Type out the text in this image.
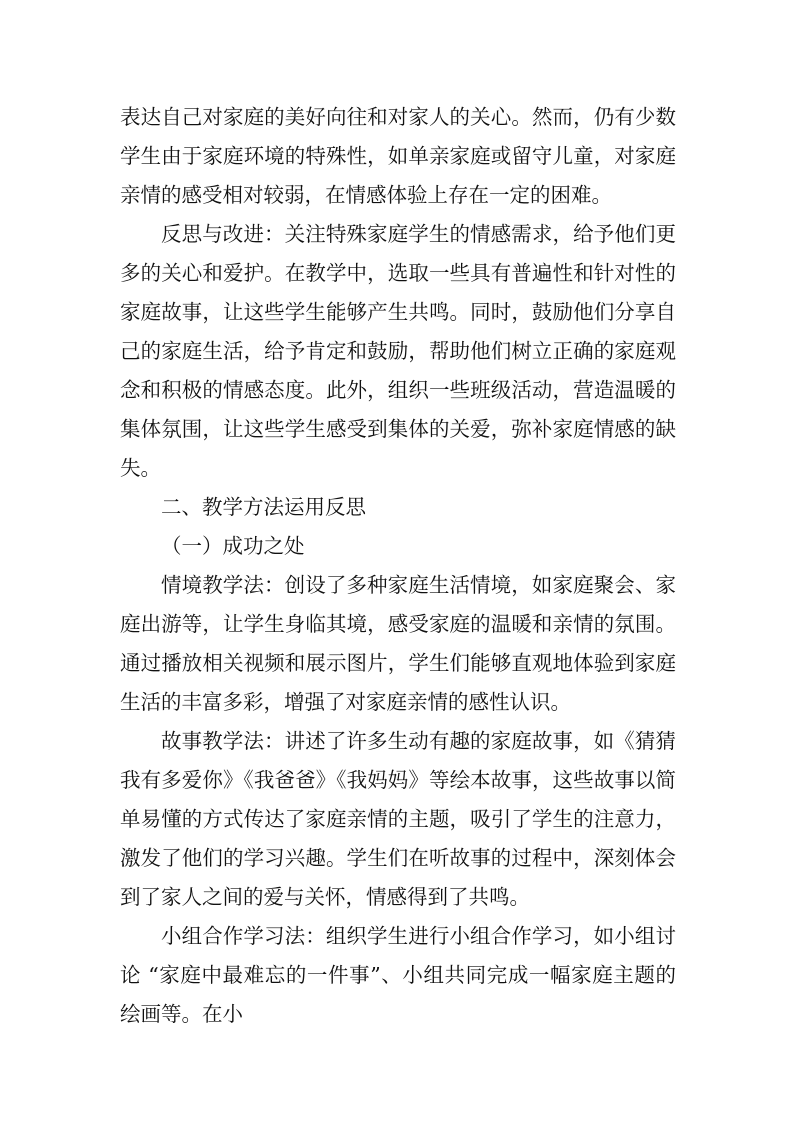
表达自己对家庭的美好向往和对家人的关心。然而，仍有少数学生由于家庭环境的特殊性，如单亲家庭或留守儿童，对家庭亲情的感受相对较弱，在情感体验上存在一定的困难。

反思与改进：关注特殊家庭学生的情感需求，给予他们更多的关心和爱护。在教学中，选取一些具有普遍性和针对性的家庭故事，让这些学生能够产生共鸣。同时，鼓励他们分享自己的家庭生活，给予肯定和鼓励，帮助他们树立正确的家庭观念和积极的情感态度。此外，组织一些班级活动，营造温暖的集体氛围，让这些学生感受到集体的关爱，弥补家庭情感的缺失。

二、教学方法运用反思

（一）成功之处

情境教学法：创设了多种家庭生活情境，如家庭聚会、家庭出游等，让学生身临其境，感受家庭的温暖和亲情的氛围。通过播放相关视频和展示图片，学生们能够直观地体验到家庭生活的丰富多彩，增强了对家庭亲情的感性认识。

故事教学法：讲述了许多生动有趣的家庭故事，如《猜猜我有多爱你》《我爸爸》《我妈妈》等绘本故事，这些故事以简单易懂的方式传达了家庭亲情的主题，吸引了学生的注意力，激发了他们的学习兴趣。学生们在听故事的过程中，深刻体会到了家人之间的爱与关怀，情感得到了共鸣。

小组合作学习法：组织学生进行小组合作学习，如小组讨论 “家庭中最难忘的一件事”、小组共同完成一幅家庭主题的绘画等。在小
